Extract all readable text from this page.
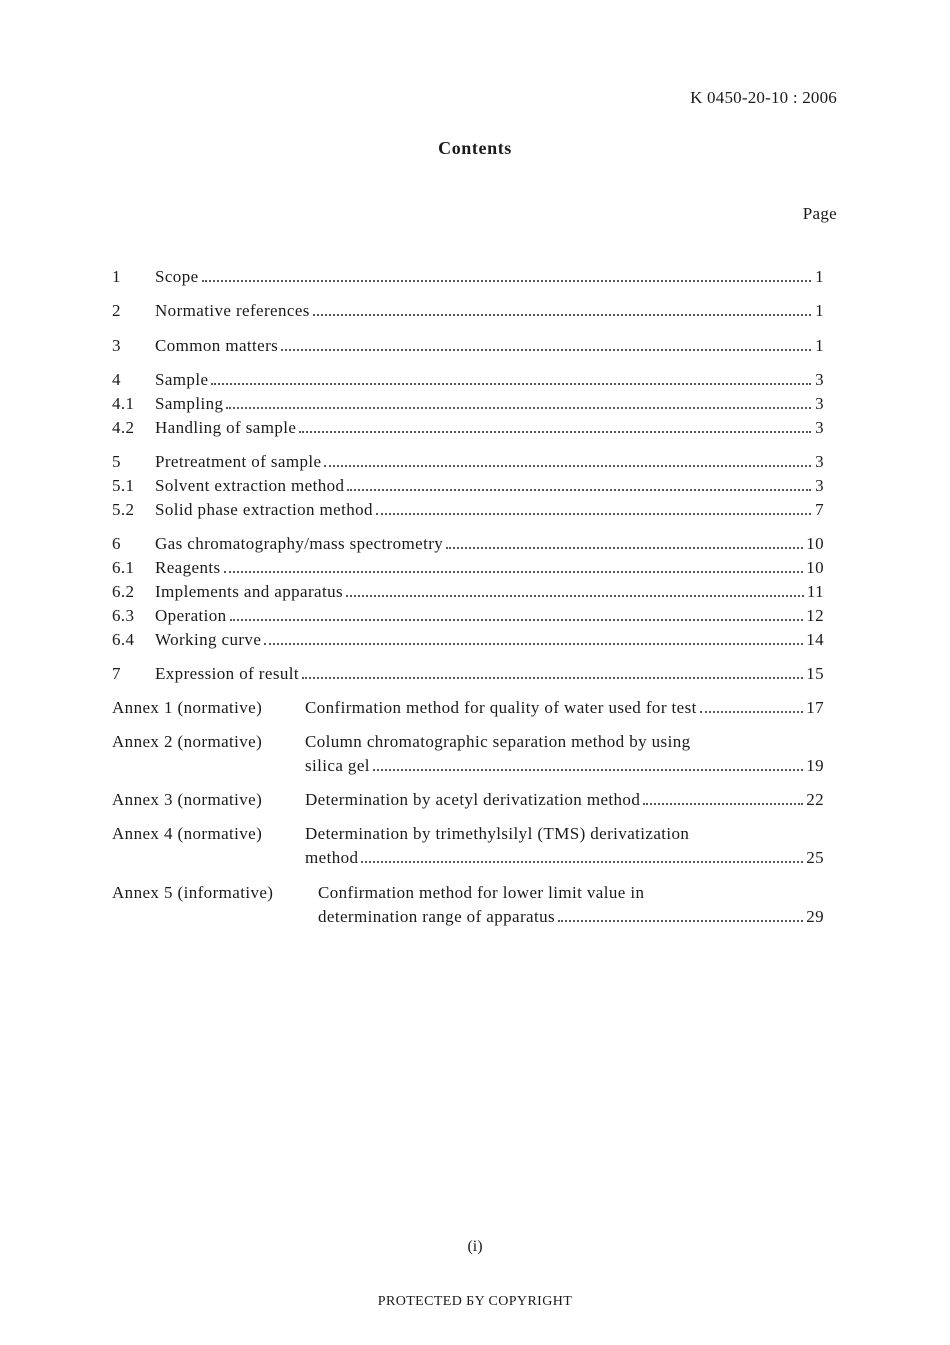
K 0450-20-10 : 2006
Contents
Page
1 Scope	1
2 Normative references	1
3 Common matters	1
4 Sample	3
4.1 Sampling	3
4.2 Handling of sample	3
5 Pretreatment of sample	3
5.1 Solvent extraction method	3
5.2 Solid phase extraction method	7
6 Gas chromatography/mass spectrometry	10
6.1 Reagents	10
6.2 Implements and apparatus	11
6.3 Operation	12
6.4 Working curve	14
7 Expression of result	15
Annex 1 (normative)	Confirmation method for quality of water used for test	17
Annex 2 (normative)	Column chromatographic separation method by using
silica gel	19
Annex 3 (normative)	Determination by acetyl derivatization method	22
Annex 4 (normative)	Determination by trimethylsilyl (TMS) derivatization
method	25
Annex 5 (informative)	Confirmation method for lower limit value in
determination range of apparatus	29
(i)
PROTECTED БY COPYRIGHT
